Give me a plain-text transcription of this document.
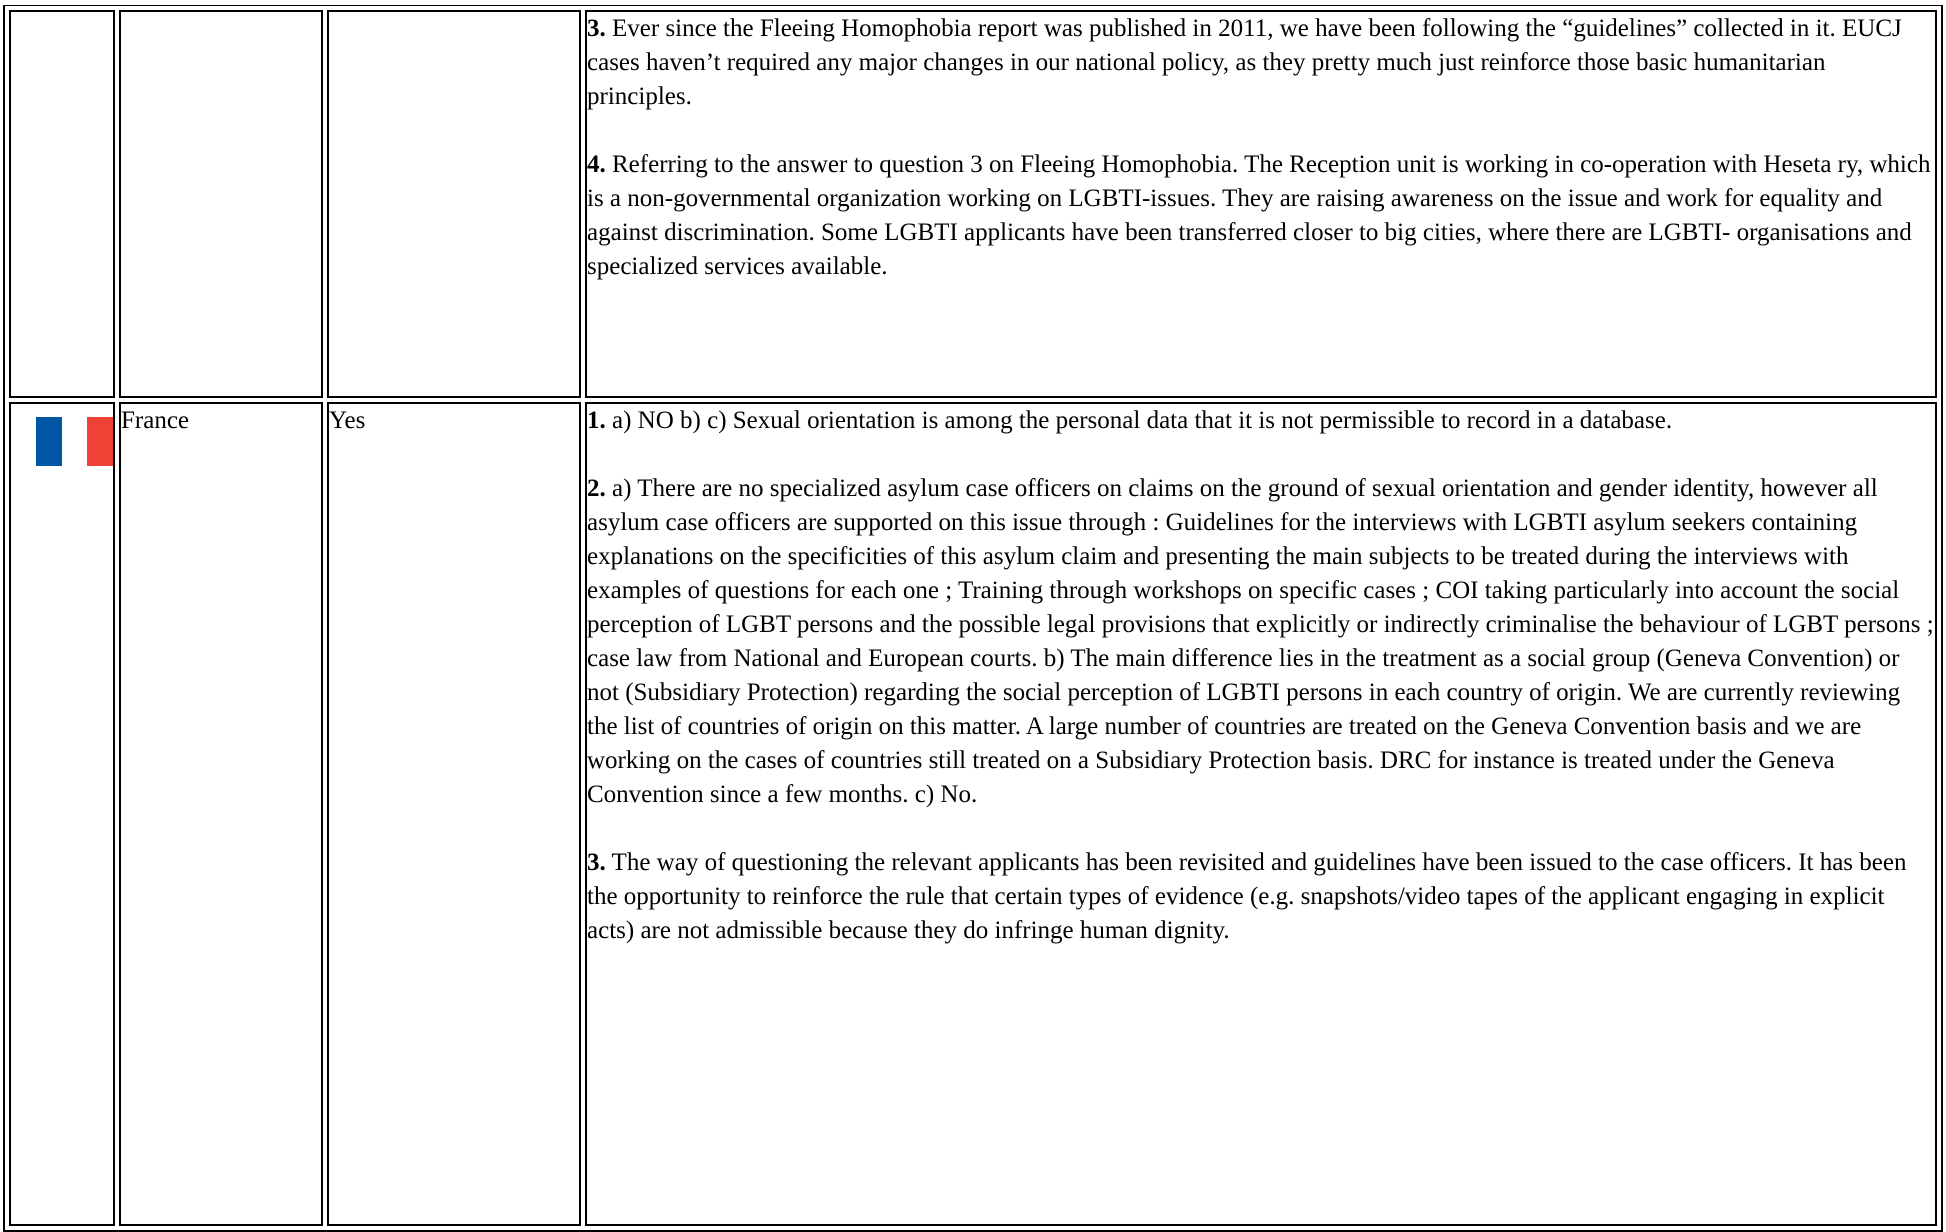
			3. Ever since the Fleeing Homophobia report was published in 2011, we have been following the “guidelines” collected in it. EUCJ cases haven’t required any major changes in our national policy, as they pretty much just reinforce those basic humanitarian principles.

4. Referring to the answer to question 3 on Fleeing Homophobia. The Reception unit is working in co-operation with Heseta ry, which is a non-governmental organization working on LGBTI-issues. They are raising awareness on the issue and work for equality and against discrimination. Some LGBTI applicants have been transferred closer to big cities, where there are LGBTI- organisations and specialized services available.

	France	Yes	1. a) NO b) c) Sexual orientation is among the personal data that it is not permissible to record in a database.

2. a) There are no specialized asylum case officers on claims on the ground of sexual orientation and gender identity, however all asylum case officers are supported on this issue through : Guidelines for the interviews with LGBTI asylum seekers containing explanations on the specificities of this asylum claim and presenting the main subjects to be treated during the interviews with examples of questions for each one ; Training through workshops on specific cases ; COI taking particularly into account the social perception of LGBT persons and the possible legal provisions that explicitly or indirectly criminalise the behaviour of LGBT persons ; case law from National and European courts. b) The main difference lies in the treatment as a social group (Geneva Convention) or not (Subsidiary Protection) regarding the social perception of LGBTI persons in each country of origin. We are currently reviewing the list of countries of origin on this matter. A large number of countries are treated on the Geneva Convention basis and we are working on the cases of countries still treated on a Subsidiary Protection basis. DRC for instance is treated under the Geneva Convention since a few months. c) No.

3. The way of questioning the relevant applicants has been revisited and guidelines have been issued to the case officers. It has been the opportunity to reinforce the rule that certain types of evidence (e.g. snapshots/video tapes of the applicant engaging in explicit acts) are not admissible because they do infringe human dignity.
